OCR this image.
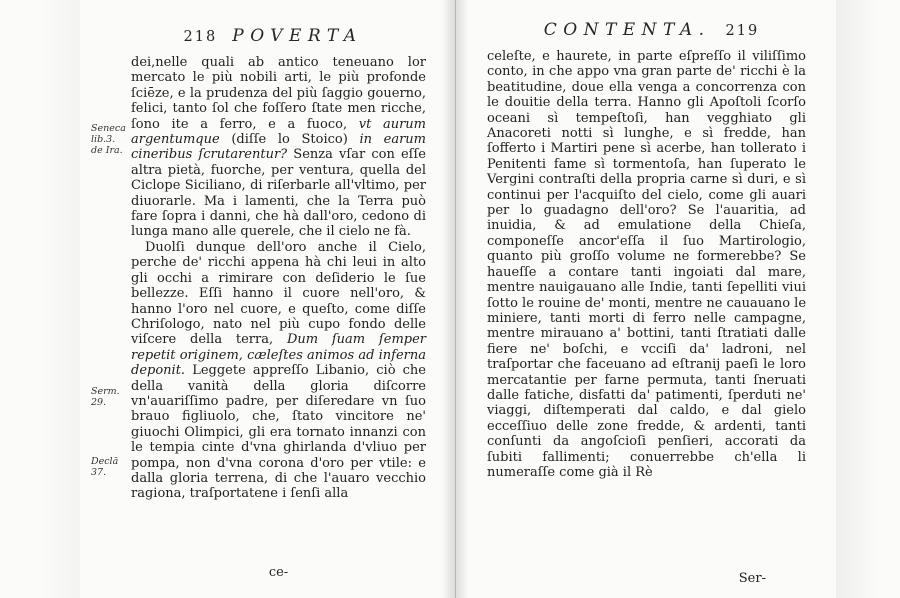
218 POVERTA	CONTENTA. 219
Seneca
lib.3.
de Ira.
Serm.
29.
Declā
37.

dei,nelle quali ab antico teneuano lor mercato le più nobili arti, le più profonde ſciēze, e la prudenza del più ſaggio gouerno, felici, tanto ſol che foſſero ſtate men ricche, ſono ite a ferro, e a fuoco, vt aurum argentumque (diſſe lo Stoico) in earum cineribus ſcrutarentur? Senza vſar con eſſe altra pietà, fuorche, per ventura, quella del Ciclope Siciliano, di riſerbarle all'vltimo, per diuorarle. Ma i lamenti, che la Terra può fare ſopra i danni, che hà dall'oro, cedono di lunga mano alle querele, che il cielo ne fà.

Duolſi dunque dell'oro anche il Cielo, perche de' ricchi appena hà chi leui in alto gli occhi a rimirare con deſiderio le ſue bellezze. Eſſi hanno il cuore nell'oro, & hanno l'oro nel cuore, e queſto, come diſſe Chriſologo, nato nel più cupo fondo delle viſcere della terra, Dum ſuam ſemper repetit originem, cæleſtes animos ad inferna deponit. Leggete appreſſo Libanio, ciò che della vanità della gloria diſcorre vn'auariſſimo padre, per diſeredare vn ſuo brauo figliuolo, che, ſtato vincitore ne' giuochi Olimpici, gli era tornato innanzi con le tempia cinte d'vna ghirlanda d'vliuo per pompa, non d'vna corona d'oro per vtile: e dalla gloria terrena, di che l'auaro vecchio ragiona, traſportatene i ſenſi alla

ce-

celeſte, e haurete, in parte eſpreſſo il viliſſimo conto, in che appo vna gran parte de' ricchi è la beatitudine, doue ella venga a concorrenza con le douitie della terra. Hanno gli Apoſtoli ſcorſo oceani sì tempeſtoſi, han vegghiato gli Anacoreti notti sì lunghe, e sì fredde, han ſofferto i Martiri pene sì acerbe, han tollerato i Penitenti fame sì tormentoſa, han ſuperato le Vergini contraſti della propria carne sì duri, e sì continui per l'acquiſto del cielo, come gli auari per lo guadagno dell'oro? Se l'auaritia, ad inuidia, & ad emulatione della Chieſa, componeſſe ancor'eſſa il ſuo Martirologio, quanto più groſſo volume ne formerebbe? Se haueſſe a contare tanti ingoiati dal mare, mentre nauigauano alle Indie, tanti ſepelliti viui ſotto le rouine de' monti, mentre ne cauauano le miniere, tanti morti di ferro nelle campagne, mentre mirauano a' bottini, tanti ſtratiati dalle fiere ne' boſchi, e vcciſi da' ladroni, nel traſportar che faceuano ad eſtranij paeſi le loro mercatantie per farne permuta, tanti ſneruati dalle fatiche, disfatti da' patimenti, ſperduti ne' viaggi, diſtemperati dal caldo, e dal gielo ecceſſiuo delle zone fredde, & ardenti, tanti conſunti da angoſcioſi penſieri, accorati da ſubiti fallimenti; conuerrebbe ch'ella li numeraſſe come già il Rè

Ser-
